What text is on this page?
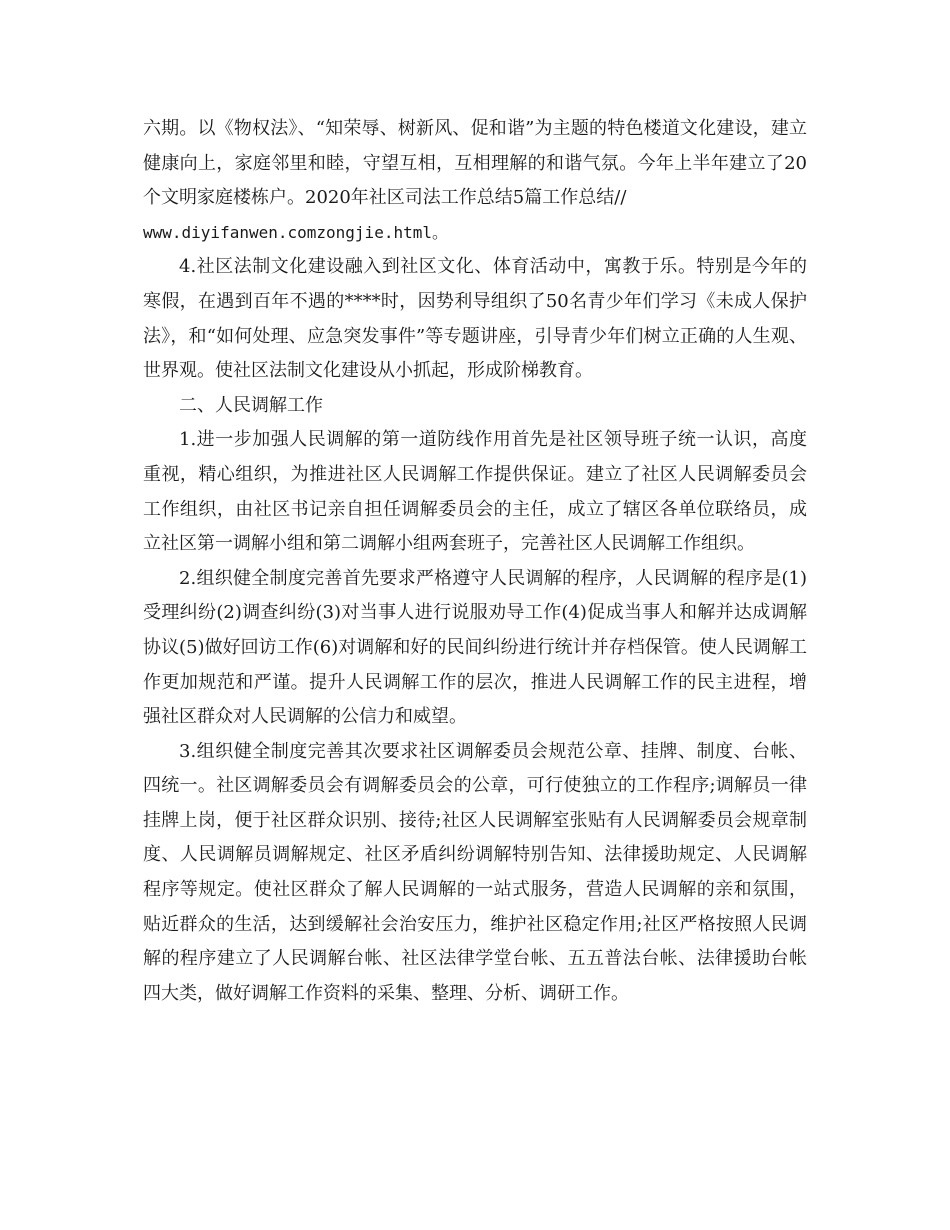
六期。以《物权法》、“知荣辱、树新风、促和谐”为主题的特色楼道文化建设，建立健康向上，家庭邻里和睦，守望互相，互相理解的和谐气氛。今年上半年建立了20个文明家庭楼栋户。2020年社区司法工作总结5篇工作总结//

www.diyifanwen.comzongjie.html。

4.社区法制文化建设融入到社区文化、体育活动中，寓教于乐。特别是今年的寒假，在遇到百年不遇的****时，因势利导组织了50名青少年们学习《未成人保护法》，和“如何处理、应急突发事件”等专题讲座，引导青少年们树立正确的人生观、世界观。使社区法制文化建设从小抓起，形成阶梯教育。

二、人民调解工作

1.进一步加强人民调解的第一道防线作用首先是社区领导班子统一认识，高度重视，精心组织，为推进社区人民调解工作提供保证。建立了社区人民调解委员会工作组织，由社区书记亲自担任调解委员会的主任，成立了辖区各单位联络员，成立社区第一调解小组和第二调解小组两套班子，完善社区人民调解工作组织。

2.组织健全制度完善首先要求严格遵守人民调解的程序，人民调解的程序是(1)受理纠纷(2)调查纠纷(3)对当事人进行说服劝导工作(4)促成当事人和解并达成调解协议(5)做好回访工作(6)对调解和好的民间纠纷进行统计并存档保管。使人民调解工作更加规范和严谨。提升人民调解工作的层次，推进人民调解工作的民主进程，增强社区群众对人民调解的公信力和威望。

3.组织健全制度完善其次要求社区调解委员会规范公章、挂牌、制度、台帐、四统一。社区调解委员会有调解委员会的公章，可行使独立的工作程序;调解员一律挂牌上岗，便于社区群众识别、接待;社区人民调解室张贴有人民调解委员会规章制度、人民调解员调解规定、社区矛盾纠纷调解特别告知、法律援助规定、人民调解程序等规定。使社区群众了解人民调解的一站式服务，营造人民调解的亲和氛围，贴近群众的生活，达到缓解社会治安压力，维护社区稳定作用;社区严格按照人民调解的程序建立了人民调解台帐、社区法律学堂台帐、五五普法台帐、法律援助台帐四大类，做好调解工作资料的采集、整理、分析、调研工作。
